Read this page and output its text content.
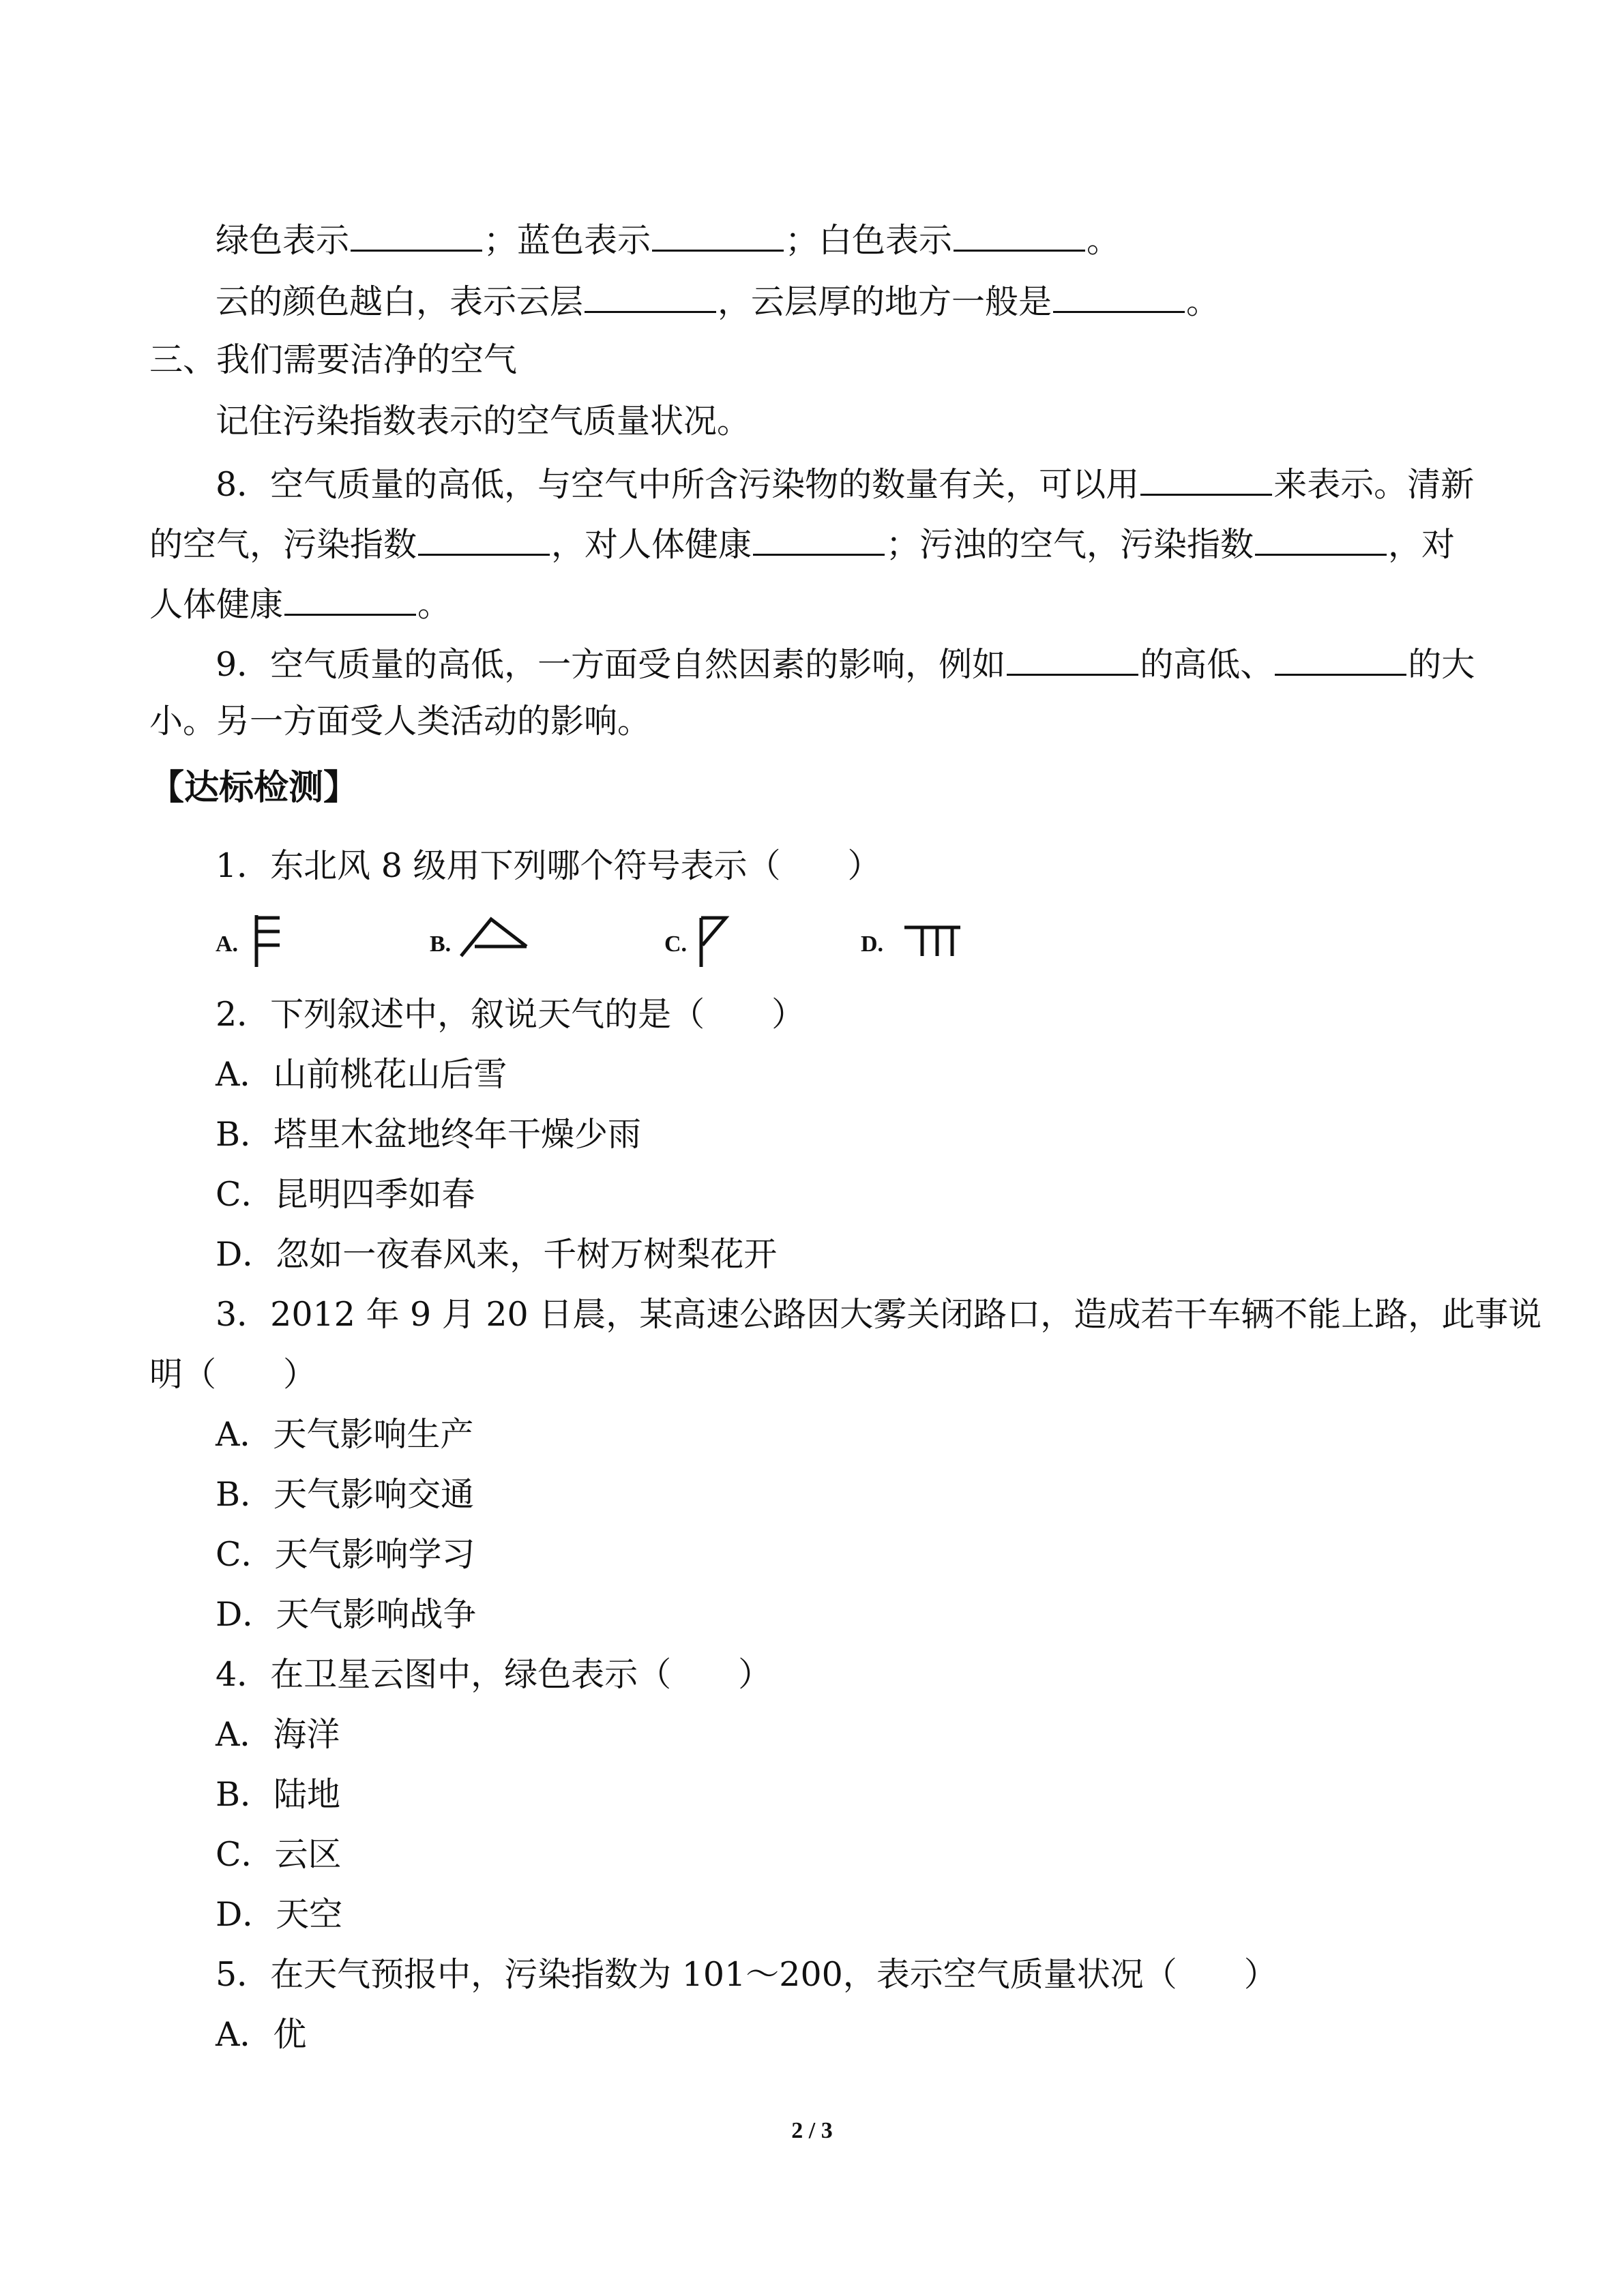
绿色表示	；蓝色表示	；白色表示	。
云的颜色越白，表示云层	，云层厚的地方一般是	。
三、我们需要洁净的空气
记住污染指数表示的空气质量状况。
8．空气质量的高低，与空气中所含污染物的数量有关，可以用	来表示。清新
的空气，污染指数	，对人体健康	；污浊的空气，污染指数	，对
人体健康	。
9．空气质量的高低，一方面受自然因素的影响，例如	的高低、	的大
小。另一方面受人类活动的影响。
【达标检测】
1．东北风 8 级用下列哪个符号表示（　　）
A.	B.	C.	D.
2．下列叙述中，叙说天气的是（　　）
A．山前桃花山后雪
B．塔里木盆地终年干燥少雨
C．昆明四季如春
D．忽如一夜春风来，千树万树梨花开
3．2012 年 9 月 20 日晨，某高速公路因大雾关闭路口，造成若干车辆不能上路，此事说
明（　　）
A．天气影响生产
B．天气影响交通
C．天气影响学习
D．天气影响战争
4．在卫星云图中，绿色表示（　　）
A．海洋
B．陆地
C．云区
D．天空
5．在天气预报中，污染指数为 101～200，表示空气质量状况（　　）
A．优
2 / 3
